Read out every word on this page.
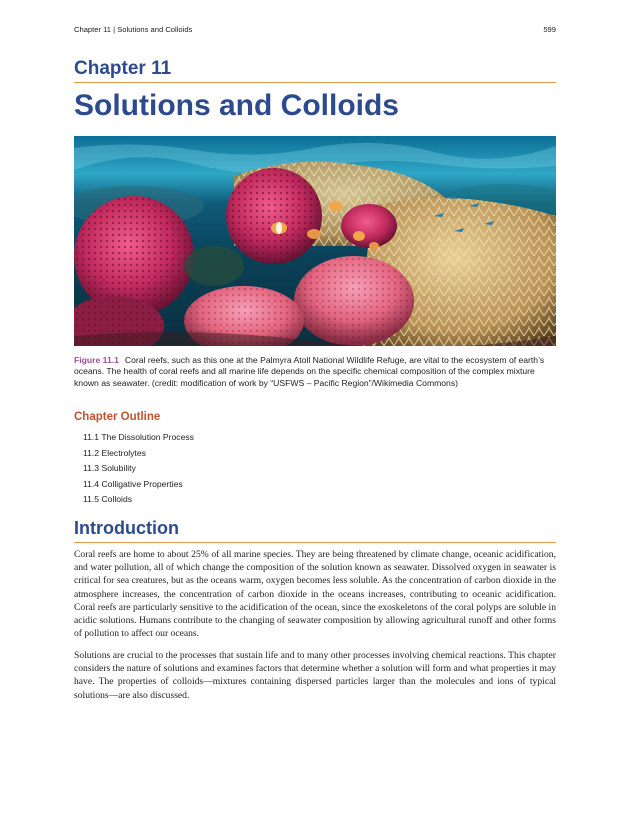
Chapter 11 | Solutions and Colloids	599
Chapter 11
Solutions and Colloids
Figure 11.1 Coral reefs, such as this one at the Palmyra Atoll National Wildlife Refuge, are vital to the ecosystem of earth’s oceans. The health of coral reefs and all marine life depends on the specific chemical composition of the complex mixture known as seawater. (credit: modification of work by “USFWS – Pacific Region”/Wikimedia Commons)
Chapter Outline
11.1 The Dissolution Process
11.2 Electrolytes
11.3 Solubility
11.4 Colligative Properties
11.5 Colloids
Introduction

Coral reefs are home to about 25% of all marine species. They are being threatened by climate change, oceanic acidification, and water pollution, all of which change the composition of the solution known as seawater. Dissolved oxygen in seawater is critical for sea creatures, but as the oceans warm, oxygen becomes less soluble. As the concentration of carbon dioxide in the atmosphere increases, the concentration of carbon dioxide in the oceans increases, contributing to oceanic acidification. Coral reefs are particularly sensitive to the acidification of the ocean, since the exoskeletons of the coral polyps are soluble in acidic solutions. Humans contribute to the changing of seawater composition by allowing agricultural runoff and other forms of pollution to affect our oceans.

Solutions are crucial to the processes that sustain life and to many other processes involving chemical reactions. This chapter considers the nature of solutions and examines factors that determine whether a solution will form and what properties it may have. The properties of colloids—mixtures containing dispersed particles larger than the molecules and ions of typical solutions—are also discussed.
